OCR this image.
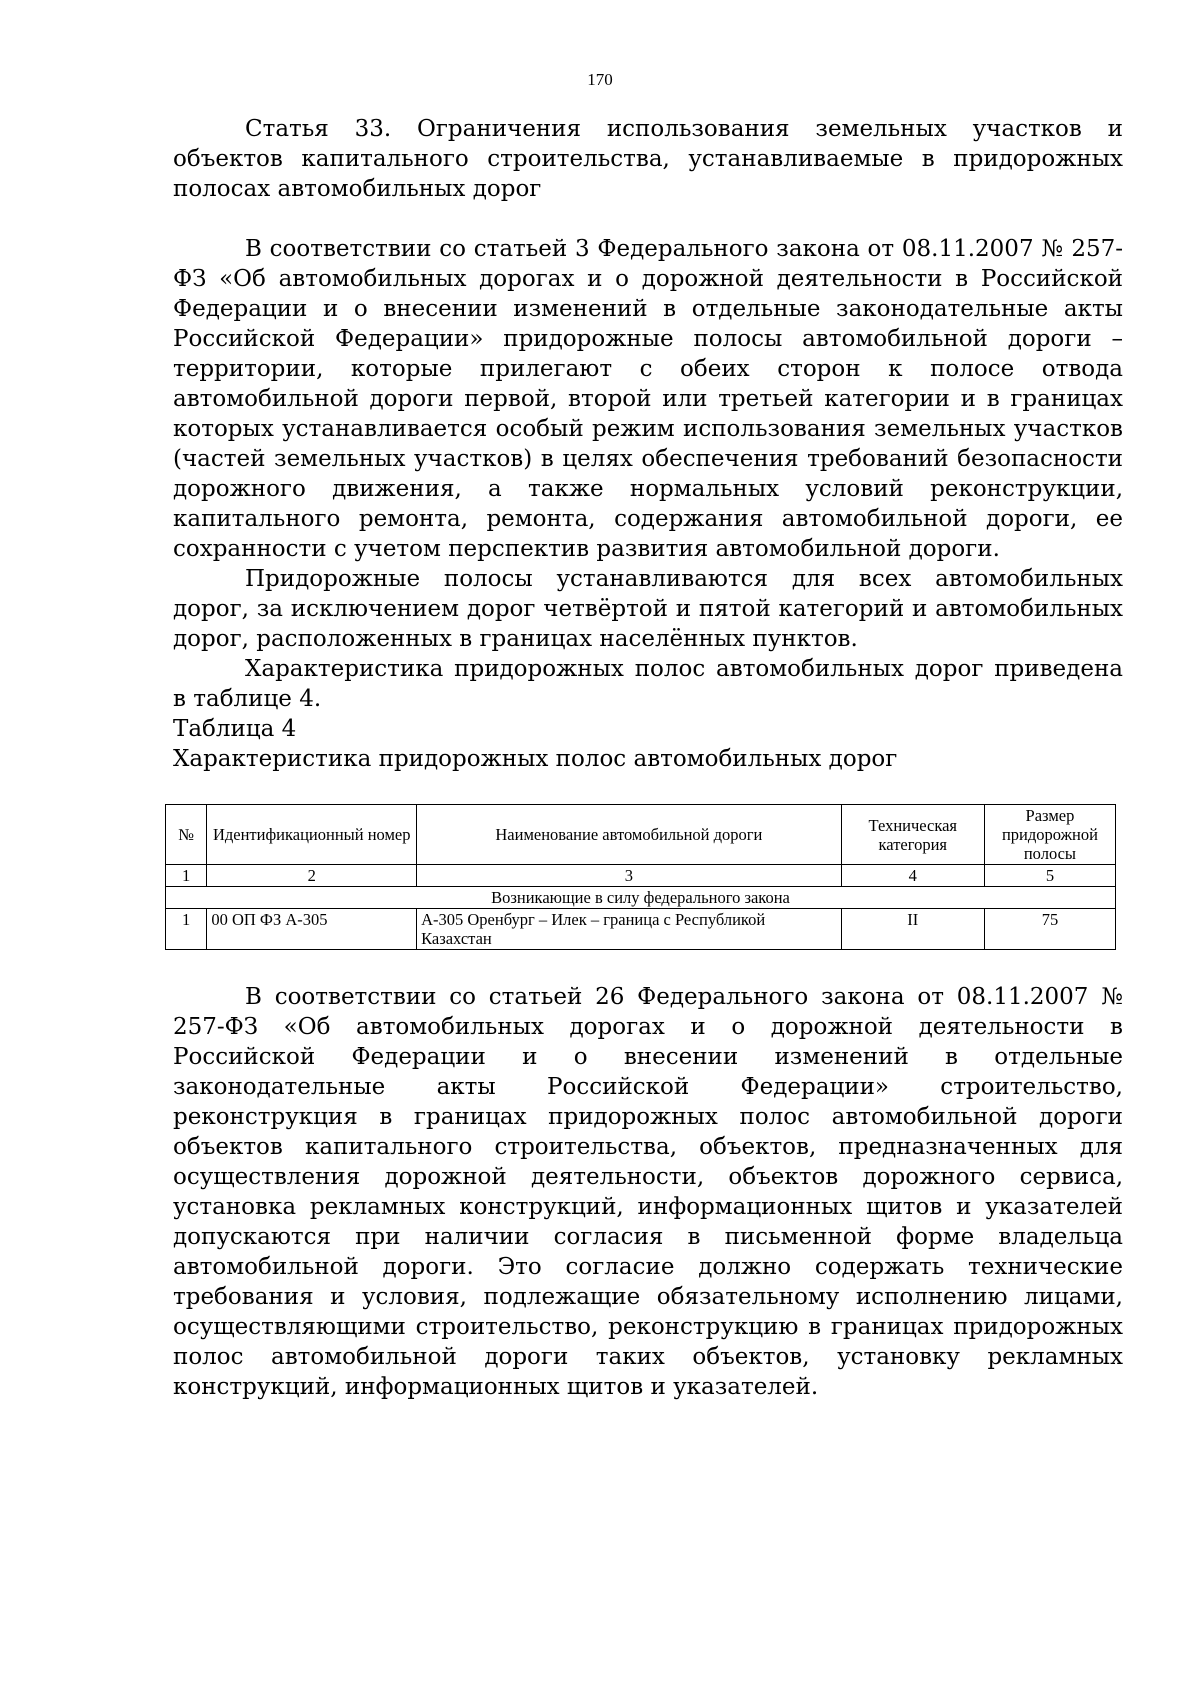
170

Статья 33. Ограничения использования земельных участков и объектов капитального строительства, устанавливаемые в придорожных полосах автомобильных дорог

В соответствии со статьей 3 Федерального закона от 08.11.2007 № 257-ФЗ «Об автомобильных дорогах и о дорожной деятельности в Российской Федерации и о внесении изменений в отдельные законодательные акты Российской Федерации» придорожные полосы автомобильной дороги – территории, которые прилегают с обеих сторон к полосе отвода автомобильной дороги первой, второй или третьей категории и в границах которых устанавливается особый режим использования земельных участков (частей земельных участков) в целях обеспечения требований безопасности дорожного движения, а также нормальных условий реконструкции, капитального ремонта, ремонта, содержания автомобильной дороги, ее сохранности с учетом перспектив развития автомобильной дороги.

Придорожные полосы устанавливаются для всех автомобильных дорог, за исключением дорог четвёртой и пятой категорий и автомобильных дорог, расположенных в границах населённых пунктов.

Характеристика придорожных полос автомобильных дорог приведена в таблице 4.

Таблица 4

Характеристика придорожных полос автомобильных дорог

№	Идентификационный номер	Наименование автомобильной дороги	Техническая категория	Размер придорожной полосы
1	2	3	4	5
Возникающие в силу федерального закона				
1	00 ОП ФЗ А-305	А-305 Оренбург – Илек – граница с Республикой Казахстан	II	75

В соответствии со статьей 26 Федерального закона от 08.11.2007 № 257-ФЗ «Об автомобильных дорогах и о дорожной деятельности в Российской Федерации и о внесении изменений в отдельные законодательные акты Российской Федерации» строительство, реконструкция в границах придорожных полос автомобильной дороги объектов капитального строительства, объектов, предназначенных для осуществления дорожной деятельности, объектов дорожного сервиса, установка рекламных конструкций, информационных щитов и указателей допускаются при наличии согласия в письменной форме владельца автомобильной дороги. Это согласие должно содержать технические требования и условия, подлежащие обязательному исполнению лицами, осуществляющими строительство, реконструкцию в границах придорожных полос автомобильной дороги таких объектов, установку рекламных конструкций, информационных щитов и указателей.
